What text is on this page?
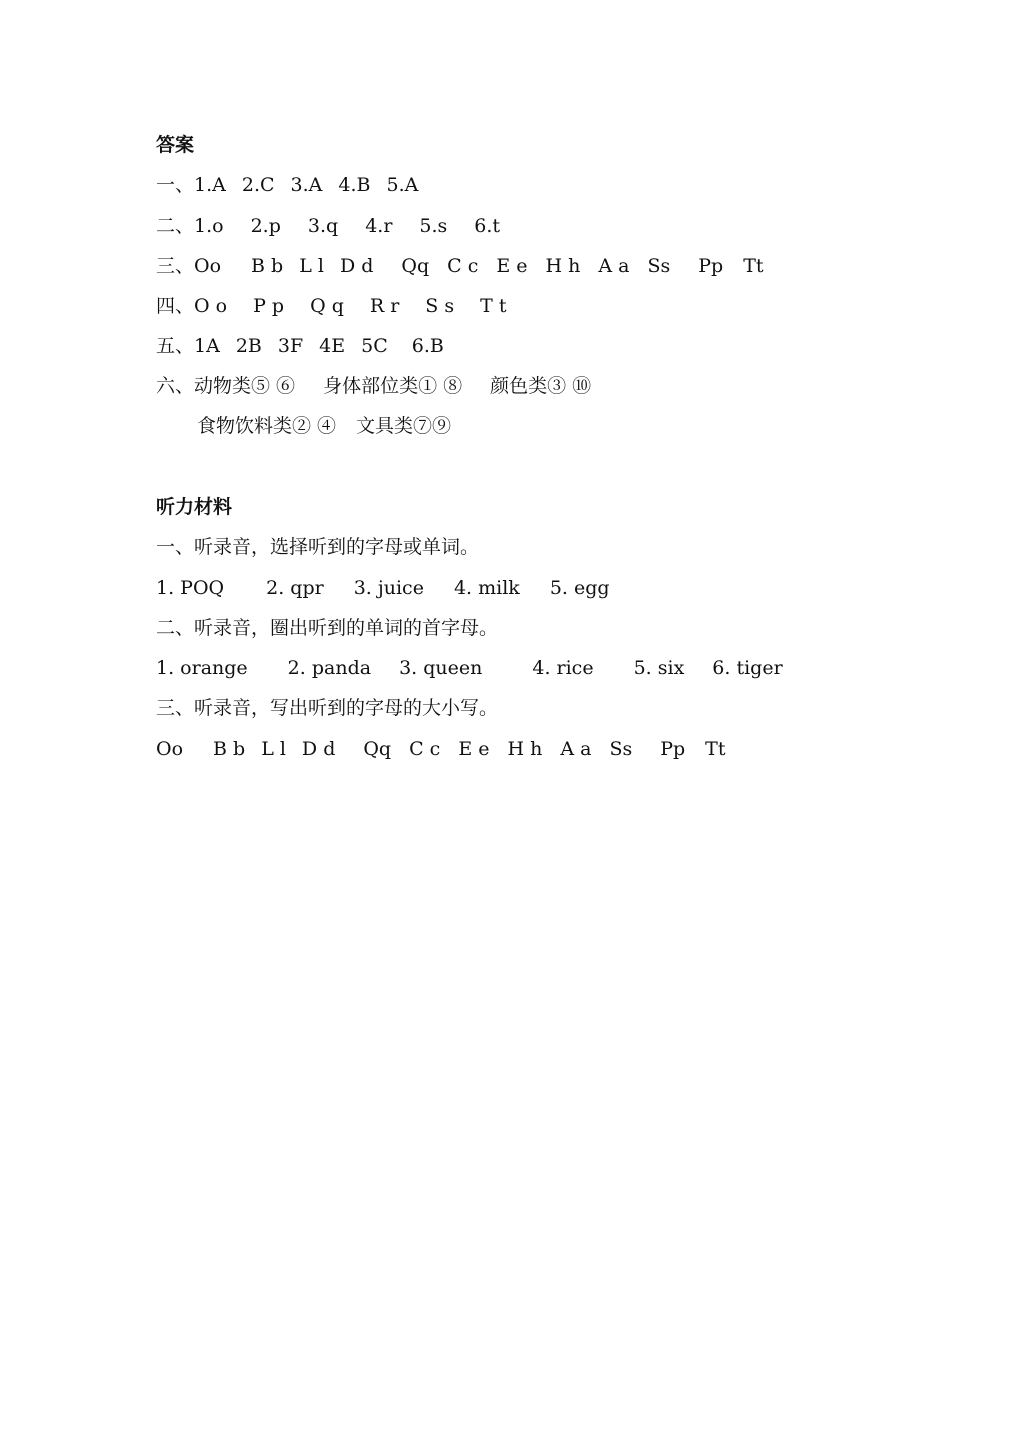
答案
一、1.A 2.C 3.A 4.B 5.A
二、1.o 2.p 3.q 4.r 5.s 6.t
三、Oo B b L l D d Qq C c E e H h A a Ss Pp Tt
四、O o P p Q q R r S s T t
五、1A 2B 3F 4E 5C 6.B
六、动物类⑤ ⑥ 身体部位类① ⑧ 颜色类③ ⑩
食物饮料类② ④ 文具类⑦⑨
听力材料
一、听录音，选择听到的字母或单词。
1. POQ 2. qpr 3. juice 4. milk 5. egg
二、听录音，圈出听到的单词的首字母。
1. orange 2. panda 3. queen	4. rice 5. six 6. tiger
三、听录音，写出听到的字母的大小写。
Oo B b L l D d Qq C c E e H h A a Ss Pp Tt
